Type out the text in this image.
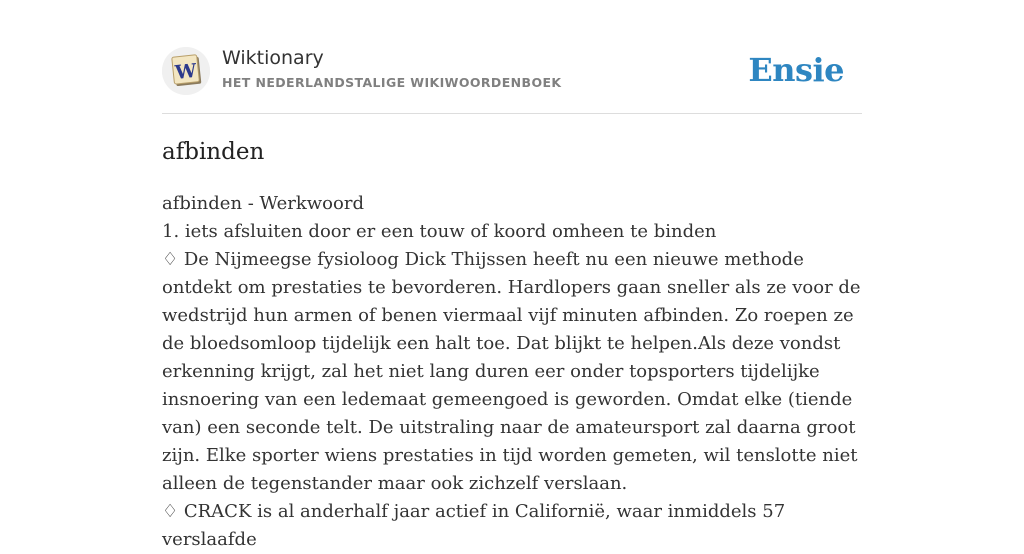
W
Wiktionary
HET NEDERLANDSTALIGE WIKIWOORDENBOEK	Ensie
afbinden

afbinden - Werkwoord

1. iets afsluiten door er een touw of koord omheen te binden

♢ De Nijmeegse fysioloog Dick Thijssen heeft nu een nieuwe methode ontdekt om prestaties te bevorderen. Hardlopers gaan sneller als ze voor de wedstrijd hun armen of benen viermaal vijf minuten afbinden. Zo roepen ze de bloedsomloop tijdelijk een halt toe. Dat blijkt te helpen.Als deze vondst erkenning krijgt, zal het niet lang duren eer onder topsporters tijdelijke insnoering van een ledemaat gemeengoed is geworden. Omdat elke (tiende van) een seconde telt. De uitstraling naar de amateursport zal daarna groot zijn. Elke sporter wiens prestaties in tijd worden gemeten, wil tenslotte niet alleen de tegenstander maar ook zichzelf verslaan.

♢ CRACK is al anderhalf jaar actief in Californië, waar inmiddels 57 verslaafde
